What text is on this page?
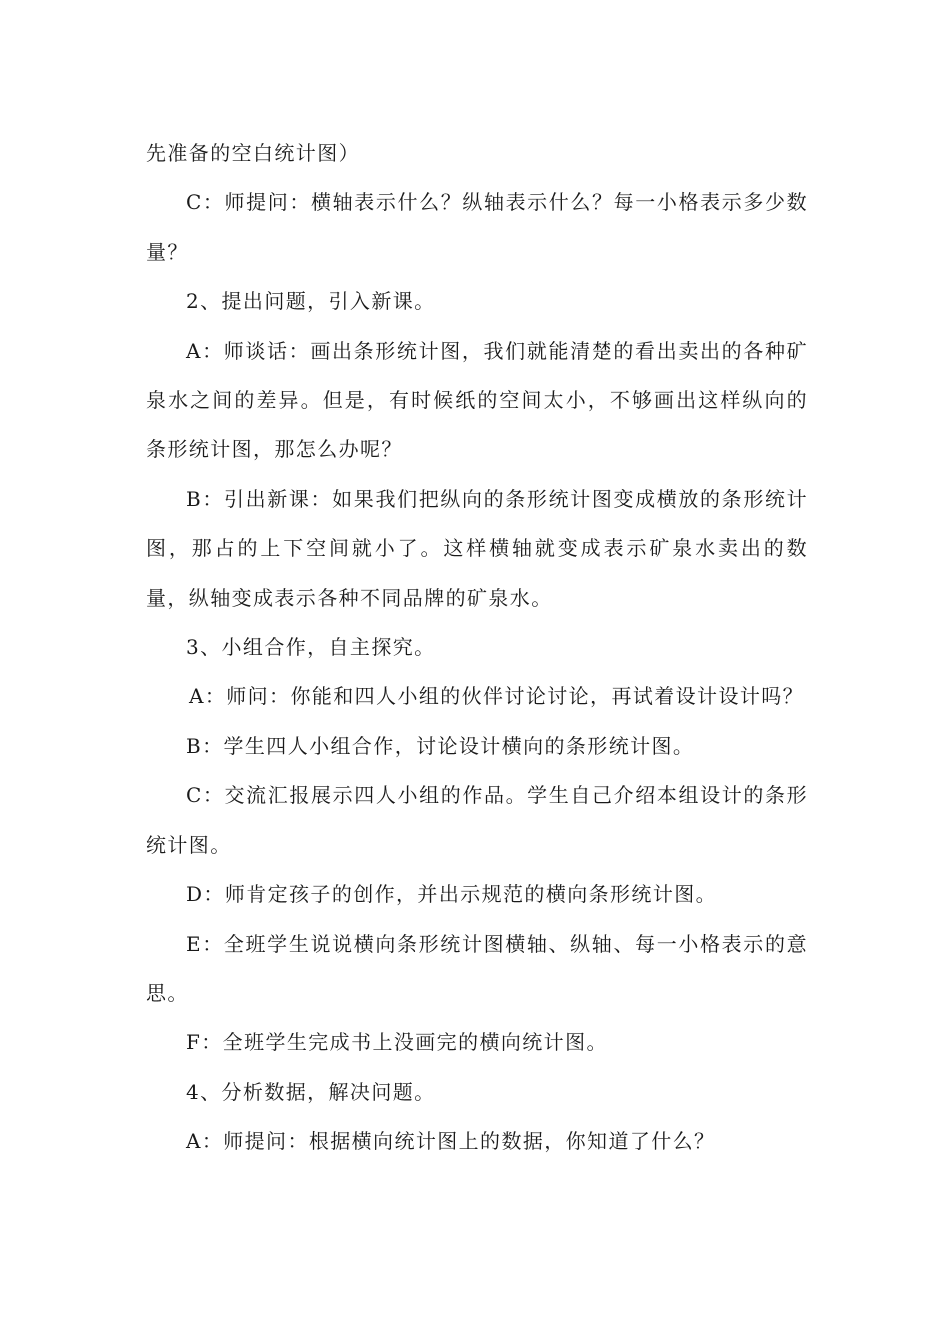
先准备的空白统计图）

C：师提问：横轴表示什么？纵轴表示什么？每一小格表示多少数量？

2、提出问题，引入新课。

A：师谈话：画出条形统计图，我们就能清楚的看出卖出的各种矿泉水之间的差异。但是，有时候纸的空间太小，不够画出这样纵向的条形统计图，那怎么办呢？

B：引出新课：如果我们把纵向的条形统计图变成横放的条形统计图，那占的上下空间就小了。这样横轴就变成表示矿泉水卖出的数量，纵轴变成表示各种不同品牌的矿泉水。

3、小组合作，自主探究。

A：师问：你能和四人小组的伙伴讨论讨论，再试着设计设计吗？

B：学生四人小组合作，讨论设计横向的条形统计图。

C：交流汇报展示四人小组的作品。学生自己介绍本组设计的条形统计图。

D：师肯定孩子的创作，并出示规范的横向条形统计图。

E：全班学生说说横向条形统计图横轴、纵轴、每一小格表示的意思。

F：全班学生完成书上没画完的横向统计图。

4、分析数据，解决问题。

A：师提问：根据横向统计图上的数据，你知道了什么？
